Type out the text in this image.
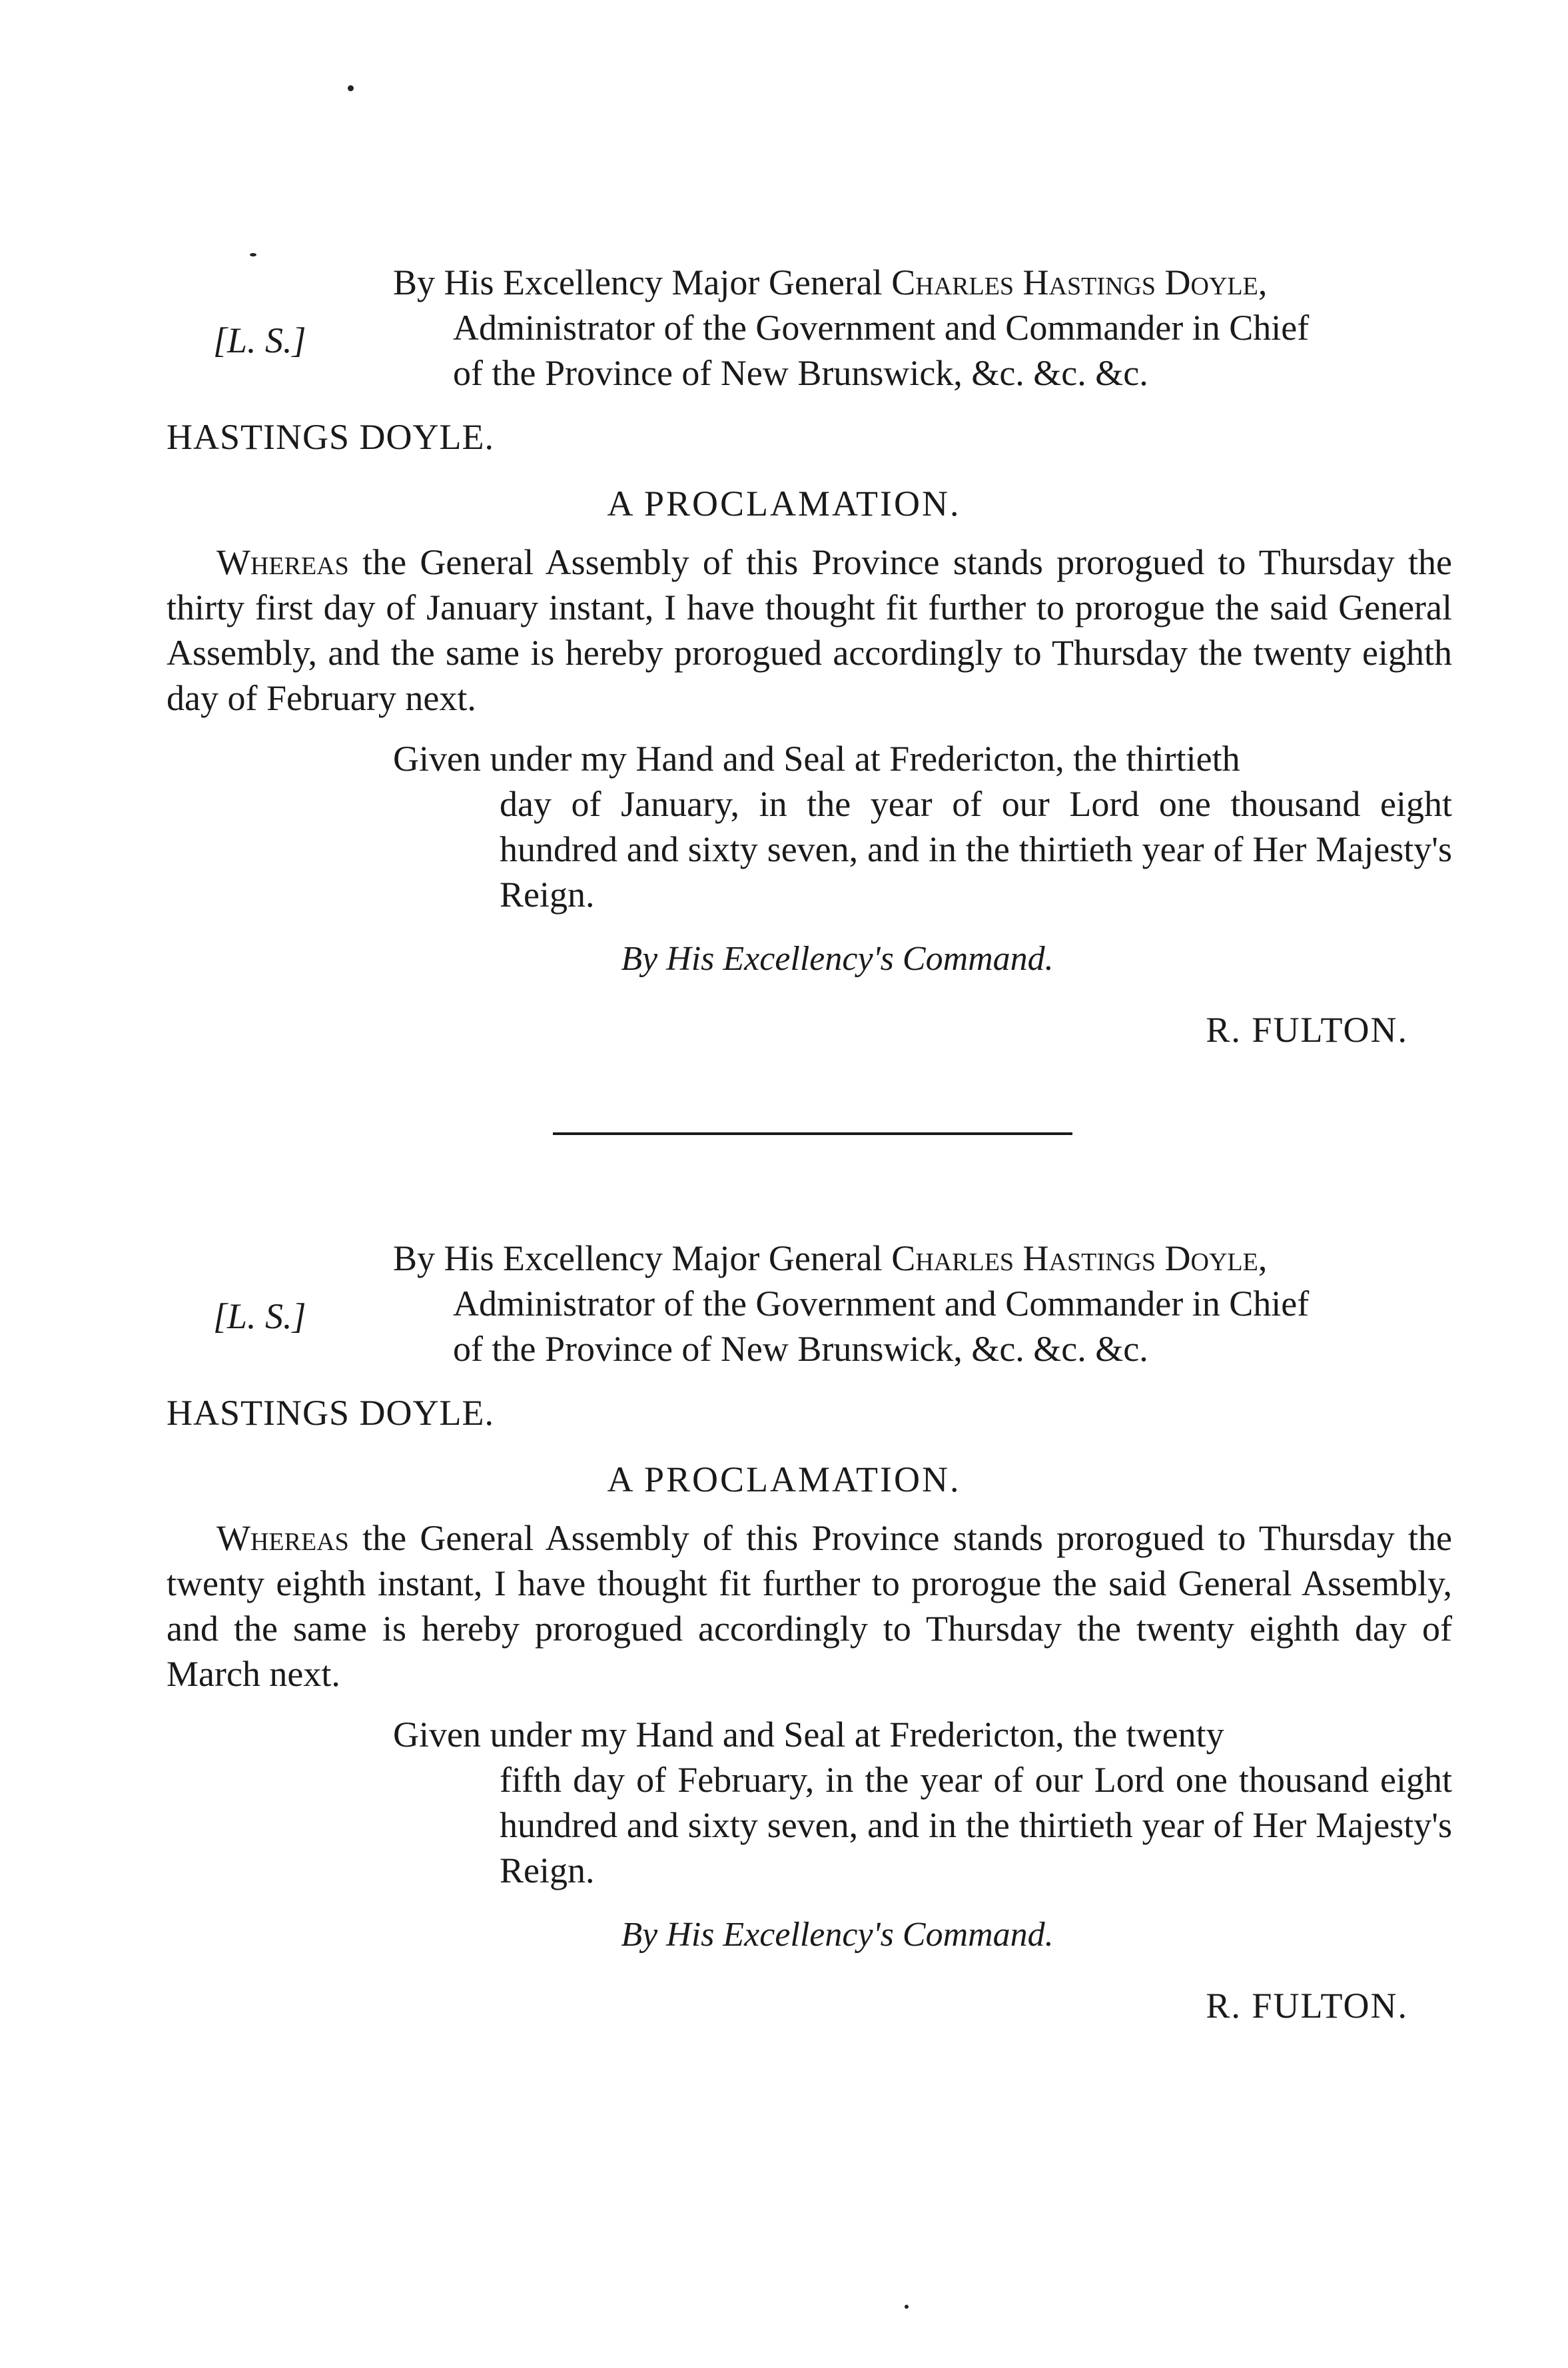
[L. S.]
By His Excellency Major General Charles Hastings Doyle,
Administrator of the Government and Commander in Chief
of the Province of New Brunswick, &c. &c. &c.
HASTINGS DOYLE.
A PROCLAMATION.
Whereas the General Assembly of this Province stands prorogued to Thursday the thirty first day of January instant, I have thought fit further to prorogue the said General Assembly, and the same is hereby prorogued accordingly to Thursday the twenty eighth day of February next.
Given under my Hand and Seal at Fredericton, the thirtieth
day of January, in the year of our Lord one thousand eight hundred and sixty seven, and in the thirtieth year of Her Majesty's Reign.
By His Excellency's Command.
R. FULTON.
[L. S.]
By His Excellency Major General Charles Hastings Doyle,
Administrator of the Government and Commander in Chief
of the Province of New Brunswick, &c. &c. &c.
HASTINGS DOYLE.
A PROCLAMATION.
Whereas the General Assembly of this Province stands prorogued to Thursday the twenty eighth instant, I have thought fit further to prorogue the said General Assembly, and the same is hereby prorogued accordingly to Thursday the twenty eighth day of March next.
Given under my Hand and Seal at Fredericton, the twenty
fifth day of February, in the year of our Lord one thousand eight hundred and sixty seven, and in the thirtieth year of Her Majesty's Reign.
By His Excellency's Command.
R. FULTON.
